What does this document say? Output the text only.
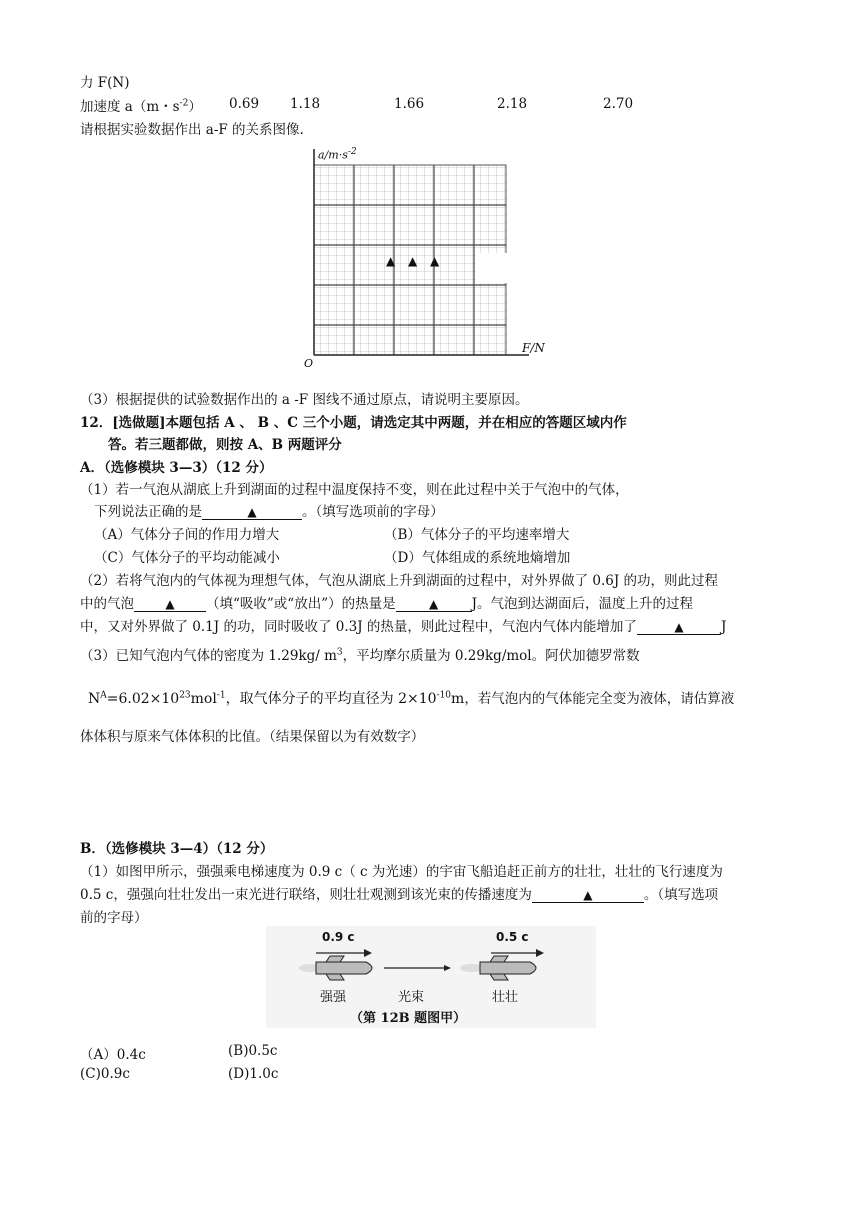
力 F(N)
加速度 a（m・$s^{-2}$） 0.69 1.18	1.66	2.18	2.70
请根据实验数据作出 a-F 的关系图像.
$a/m\cdot s^{-2}$
F/N
O
▲ ▲ ▲
（3）根据提供的试验数据作出的 a -F 图线不通过原点，请说明主要原因。
12．[选做题]本题包括 A 、 B 、C 三个小题，请选定其中两题，并在相应的答题区域内作
答。若三题都做，则按 A、B 两题评分
A．（选修模块 3—3）（12 分）
（1）若一气泡从湖底上升到湖面的过程中温度保持不变，则在此过程中关于气泡中的气体，
下列说法正确的是	▲	。（填写选项前的字母）
（A）气体分子间的作用力增大	（B）气体分子的平均速率增大
（C）气体分子的平均动能减小	（D）气体组成的系统地熵增加
（2）若将气泡内的气体视为理想气体，气泡从湖底上升到湖面的过程中，对外界做了 0.6J 的功，则此过程
中的气泡	▲ （填“吸收”或“放出”）的热量是	▲ J。气泡到达湖面后，温度上升的过程
中，又对外界做了 0.1J 的功，同时吸收了 0.3J 的热量，则此过程中，气泡内气体内能增加了	▲	J
（3）已知气泡内气体的密度为 1.29kg/ $m^3$，平均摩尔质量为 0.29kg/mol。阿伏加德罗常数
$N^A=6.02\times 10^{23}mol^{-1}$，取气体分子的平均直径为 $2\times 10^{-10}m$，若气泡内的气体能完全变为液体，请估算液
体体积与原来气体体积的比值。（结果保留以为有效数字）
B．（选修模块 3—4）（12 分）
（1）如图甲所示，强强乘电梯速度为 0.9 c（ c 为光速）的宇宙飞船追赶正前方的壮壮，壮壮的飞行速度为
0.5 c，强强向壮壮发出一束光进行联络，则壮壮观测到该光束的传播速度为	▲	。（填写选项
前的字母）
0.9 c	0.5 c
强强	光束	壮壮
（第 12B 题图甲）
（A）0.4c	(B)0.5c
(C)0.9c	(D)1.0c
